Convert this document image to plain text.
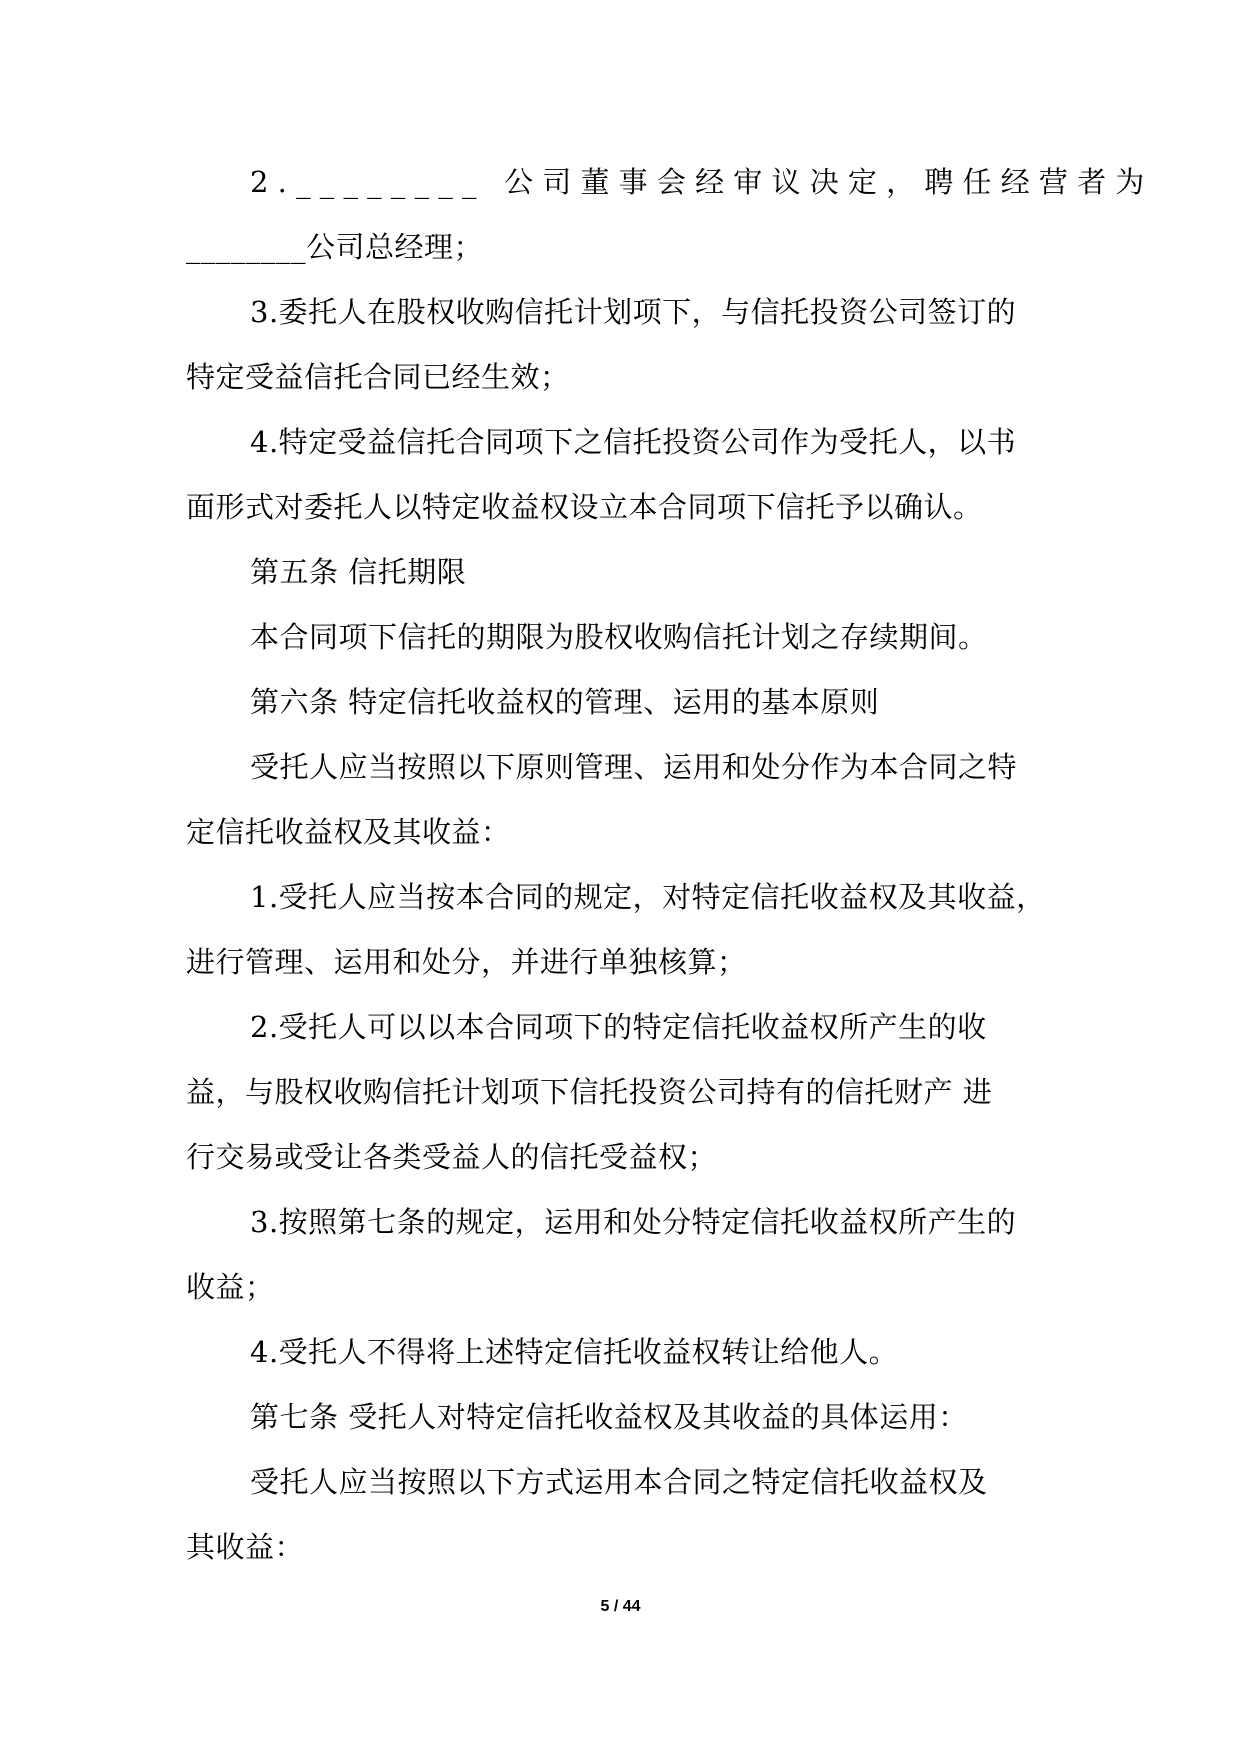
2.________ 公司董事会经审议决定，聘任经营者为
________公司总经理；
3.委托人在股权收购信托计划项下，与信托投资公司签订的
特定受益信托合同已经生效；
4.特定受益信托合同项下之信托投资公司作为受托人，以书
面形式对委托人以特定收益权设立本合同项下信托予以确认。
第五条 信托期限
本合同项下信托的期限为股权收购信托计划之存续期间。
第六条 特定信托收益权的管理、运用的基本原则
受托人应当按照以下原则管理、运用和处分作为本合同之特
定信托收益权及其收益：
1.受托人应当按本合同的规定，对特定信托收益权及其收益，
进行管理、运用和处分，并进行单独核算；
2.受托人可以以本合同项下的特定信托收益权所产生的收
益，与股权收购信托计划项下信托投资公司持有的信托财产 进
行交易或受让各类受益人的信托受益权；
3.按照第七条的规定，运用和处分特定信托收益权所产生的
收益；
4.受托人不得将上述特定信托收益权转让给他人。
第七条 受托人对特定信托收益权及其收益的具体运用：
受托人应当按照以下方式运用本合同之特定信托收益权及
其收益：
5 / 44
